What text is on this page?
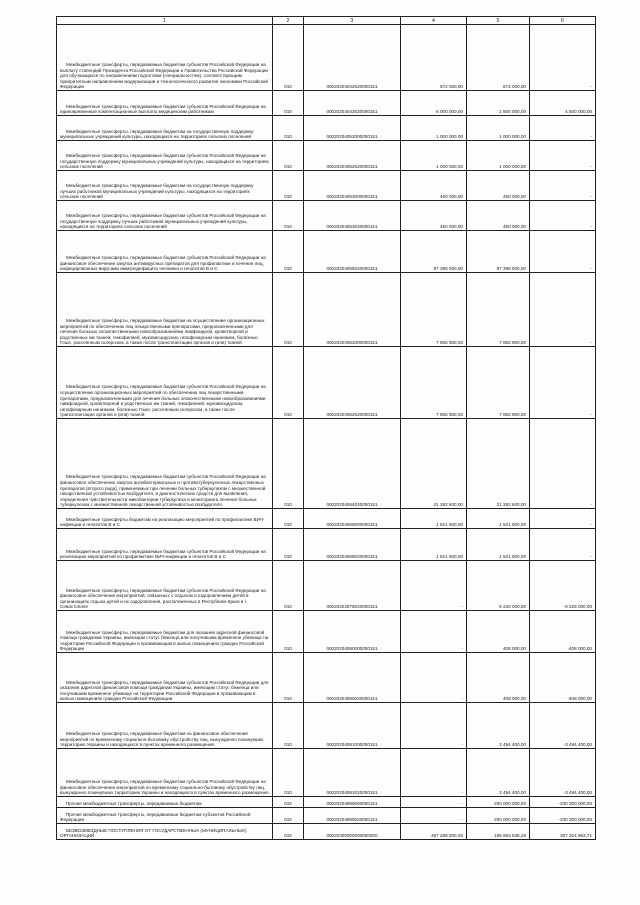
1	2	3	4	5	6

Межбюджетные трансферты, передаваемые бюджетам субъектов Российской Федерации на выплату стипендий Президента Российской Федерации и Правительства Российской Федерации для обучающихся по направлениям подготовки (специальностям), соответствующим приоритетным направлениям модернизации и технологического развития экономики Российской Федерации	010	00020204042020000151	672 000,00	672 000,00	-

Межбюджетные трансферты, передаваемые бюджетам субъектов Российской Федерации на единовременные компенсационные выплаты медицинским работникам	010	00020204043020000151	6 000 000,00	1 500 000,00	4 500 000,00

Межбюджетные трансферты, передаваемые бюджетам на государственную поддержку муниципальных учреждений культуры, находящихся на территориях сельских поселений	010	00020204052000000151	1 000 000,00	1 000 000,00	-

Межбюджетные трансферты, передаваемые бюджетам субъектов Российской Федерации на государственную поддержку муниципальных учреждений культуры, находящихся на территориях сельских поселений	010	00020204052020000151	1 000 000,00	1 000 000,00	-

Межбюджетные трансферты, передаваемые бюджетам на государственную поддержку лучших работников муниципальных учреждений культуры, находящихся на территориях сельских поселений	010	00020204053000000151	450 000,00	450 000,00	-

Межбюджетные трансферты, передаваемые бюджетам субъектов Российской Федерации на государственную поддержку лучших работников муниципальных учреждений культуры, находящихся на территориях сельских поселений	010	00020204053020000151	450 000,00	450 000,00	-

Межбюджетные трансферты, передаваемые бюджетам субъектов Российской Федерации на финансовое обеспечение закупок антивирусных препаратов для профилактики и лечения лиц, инфицированных вирусами иммунодефицита человека и гепатитов В и С	010	00020204055020000151	97 398 000,00	97 398 000,00	-

Межбюджетные трансферты, передаваемые бюджетам на осуществление организационных мероприятий по обеспечению лиц лекарственными препаратами, предназначенными для лечения больных злокачественными новообразованиями лимфоидной, кроветворной и родственных им тканей, гемофилией, муковисцидозом, гипофизарным нанизмом, болезнью Гоше, рассеянным склерозом, а также после трансплантации органов и (или) тканей	010	00020204062000000151	7 855 900,00	7 855 900,00	-

Межбюджетные трансферты, передаваемые бюджетам субъектов Российской Федерации на осуществление организационных мероприятий по обеспечению лиц лекарственными препаратами, предназначенными для лечения больных злокачественными новообразованиями лимфоидной, кроветворной и родственных им тканей, гемофилией, муковисцидозом, гипофизарным нанизмом, болезнью Гоше, рассеянным склерозом, а также после трансплантации органов и (или) тканей	010	00020204062020000151	7 855 900,00	7 855 900,00	-

Межбюджетные трансферты, передаваемые бюджетам субъектов Российской Федерации на финансовое обеспечение закупок антибактериальных и противотуберкулезных лекарственных препаратов (второго ряда), применяемых при лечении больных туберкулезом с множественной лекарственной устойчивостью возбудителя, и диагностических средств для выявления, определения чувствительности микобактерии туберкулеза и мониторинга лечения больных туберкулезом с множественной лекарственной устойчивостью возбудителя	010	00020204064020000151	21 282 600,00	21 282 600,00	-

Межбюджетные трансферты бюджетам на реализацию мероприятий по профилактике ВИЧ-инфекции и гепатитов В и С	010	00020204068000000151	1 521 600,00	1 521 600,00	-

Межбюджетные трансферты, передаваемые бюджетам субъектов Российской Федерации на реализацию мероприятий по профилактике ВИЧ-инфекции и гепатитов В и С	010	00020204068020000151	1 521 600,00	1 521 600,00	-

Межбюджетные трансферты, передаваемые бюджетам субъектов Российской Федерации на финансовое обеспечение мероприятий, связанных с отдыхом и оздоровлением детей в организациях отдыха детей и их оздоровления, расположенных в Республике Крым и г. Севастополе	010	00020204076020000151	-	9 225 000,00	-9 225 000,00

Межбюджетные трансферты, передаваемые бюджетам для оказания адресной финансовой помощи гражданам Украины, имеющим статус беженца или получившим временное убежище на территории Российской Федерации и проживающим в жилых помещениях граждан Российской Федерации	010	00020204080000000151	-	408 000,00	-408 000,00

Межбюджетные трансферты, передаваемые бюджетам субъектов Российской Федерации для оказания адресной финансовой помощи гражданам Украины, имеющим статус беженца или получившим временное убежище на территории Российской Федерации и проживающим в жилых помещениях граждан Российской Федерации	010	00020204080020000151	-	408 000,00	-408 000,00

Межбюджетные трансферты, передаваемые бюджетам на финансовое обеспечение мероприятий по временному социально-бытовому обустройству лиц, вынужденно покинувших территорию Украины и находящихся в пунктах временного размещения	010	00020204081000000151	-	3 494 400,00	-3 494 400,00

Межбюджетные трансферты, передаваемые бюджетам субъектов Российской Федерации на финансовое обеспечение мероприятий по временному социально-бытовому обустройству лиц, вынужденно покинувших территорию Украины и находящихся в пунктах временного размещения	010	00020204081020000151	-	3 494 400,00	-3 494 400,00

Прочие межбюджетные трансферты, передаваемые бюджетам	010	00020204999000000151	-	200 000 000,00	-200 000 000,00

Прочие межбюджетные трансферты, передаваемые бюджетам субъектов Российской Федерации	010	00020204999020000151	-	200 000 000,00	-200 000 000,00

БЕЗВОЗМЕЗДНЫЕ ПОСТУПЛЕНИЯ ОТ ГОСУДАРСТВЕННЫХ (МУНИЦИПАЛЬНЫХ) ОРГАНИЗАЦИЙ	010	00020300000000000000	467 288 800,00	159 963 836,29	307 324 963,71
